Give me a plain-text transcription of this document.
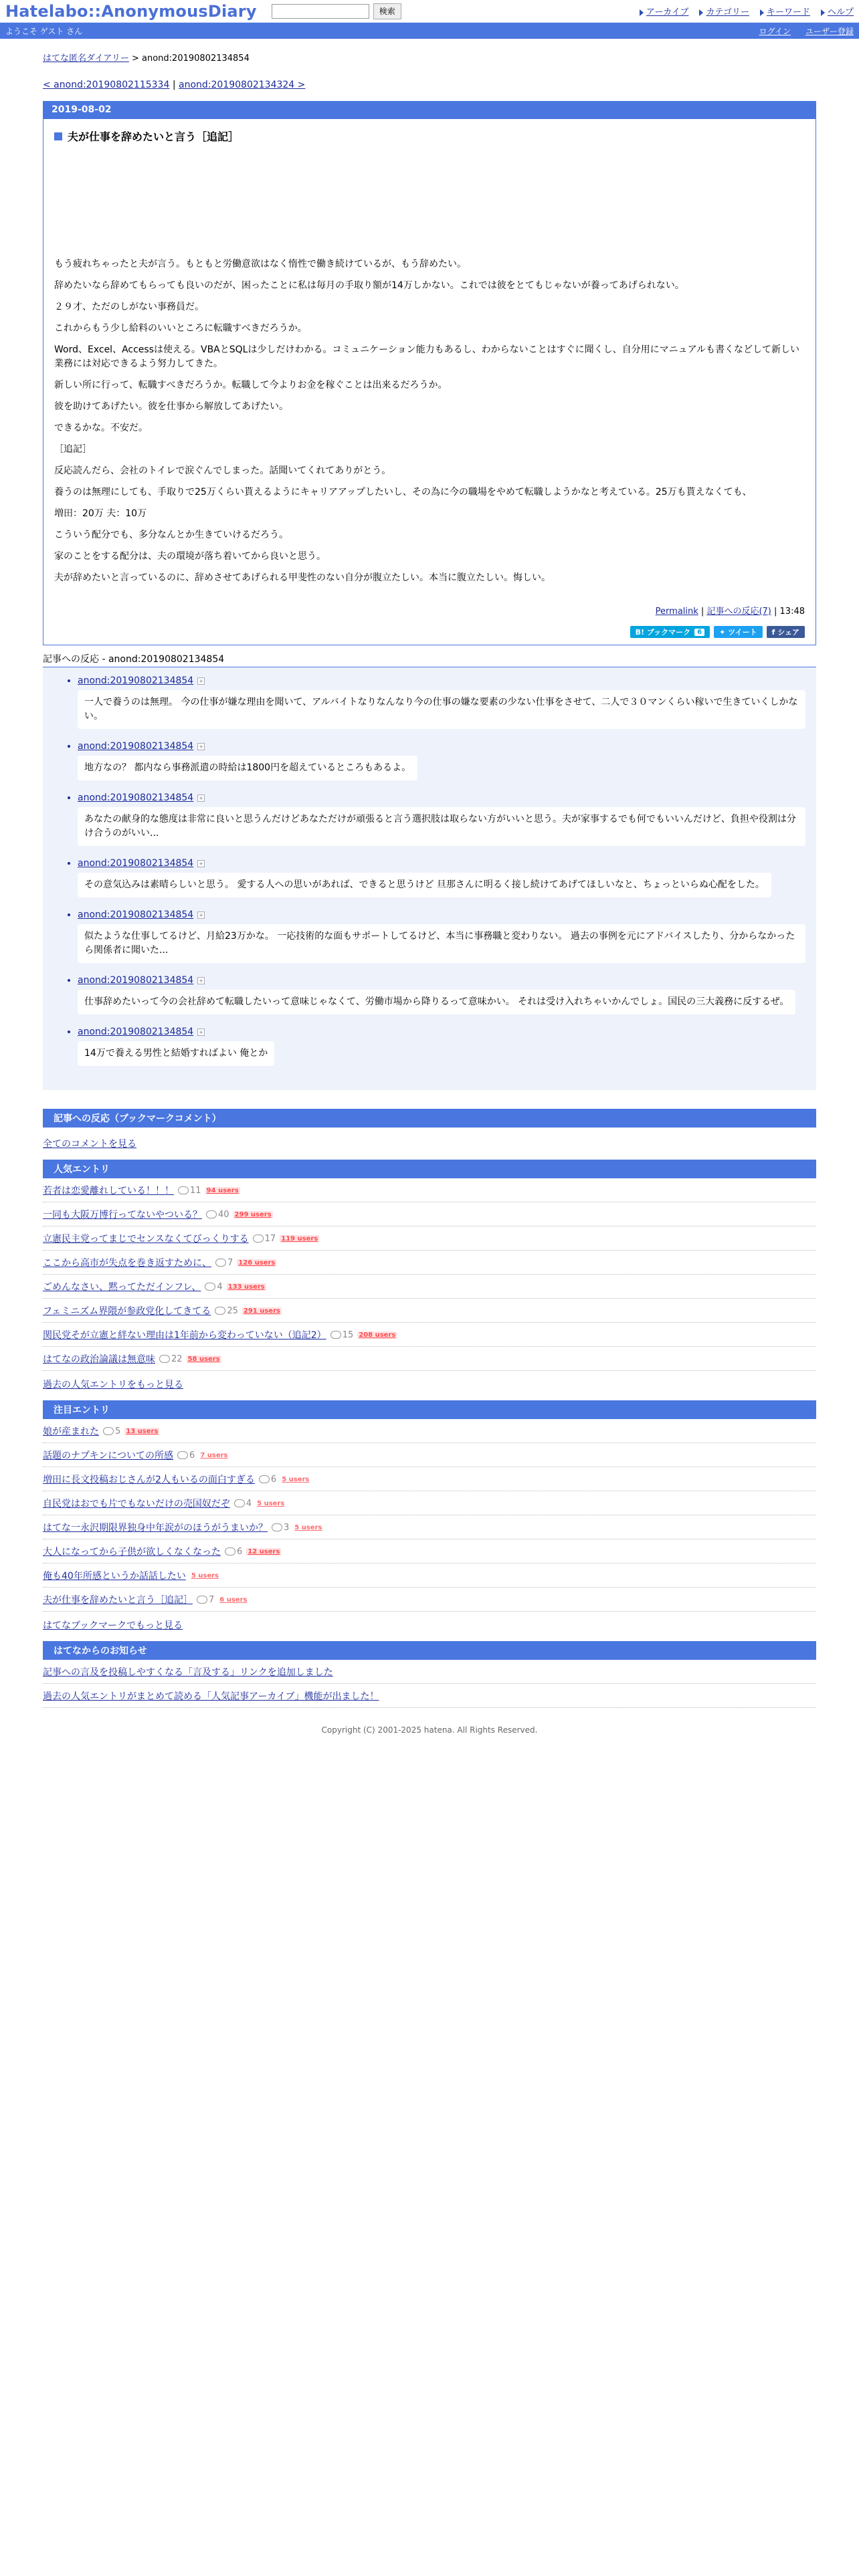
Hatelabo::AnonymousDiary	検索	アーカイブ	カテゴリー	キーワード	ヘルプ
ようこそ ゲスト さん	ログイン ユーザー登録
はてな匿名ダイアリー > anond:20190802134854
< anond:20190802115334 | anond:20190802134324 >
2019-08-02
夫が仕事を辞めたいと言う［追記］

もう疲れちゃったと夫が言う。もともと労働意欲はなく惰性で働き続けているが、もう辞めたい。

辞めたいなら辞めてもらっても良いのだが、困ったことに私は毎月の手取り額が14万しかない。これでは彼をとてもじゃないが養ってあげられない。

２９才、ただのしがない事務員だ。

これからもう少し給料のいいところに転職すべきだろうか。

Word、Excel、Accessは使える。VBAとSQLは少しだけわかる。コミュニケーション能力もあるし、わからないことはすぐに聞くし、自分用にマニュアルも書くなどして新しい業務には対応できるよう努力してきた。

新しい所に行って、転職すべきだろうか。転職して今よりお金を稼ぐことは出来るだろうか。

彼を助けてあげたい。彼を仕事から解放してあげたい。

できるかな。不安だ。

［追記］

反応読んだら、会社のトイレで涙ぐんでしまった。話聞いてくれてありがとう。

養うのは無理にしても、手取りで25万くらい貰えるようにキャリアアップしたいし、その為に今の職場をやめて転職しようかなと考えている。25万も貰えなくても、

増田：20万 夫：10万

こういう配分でも、多分なんとか生きていけるだろう。

家のことをする配分は、夫の環境が落ち着いてから良いと思う。

夫が辞めたいと言っているのに、辞めさせてあげられる甲斐性のない自分が腹立たしい。本当に腹立たしい。悔しい。

Permalink | 記事への反応(7) | 13:48
B! ブックマーク	6	✦ ツイート f シェア
記事への反応 - anond:20190802134854
• anond:20190802134854 +
一人で養うのは無理。 今の仕事が嫌な理由を聞いて、アルバイトなりなんなり今の仕事の嫌な要素の少ない仕事をさせて、二人で３０マンくらい稼いで生きていくしかない。
• anond:20190802134854 +
地方なの？ 都内なら事務派遣の時給は1800円を超えているところもあるよ。
• anond:20190802134854 +
あなたの献身的な態度は非常に良いと思うんだけどあなただけが頑張ると言う選択肢は取らない方がいいと思う。夫が家事するでも何でもいいんだけど、負担や役割は分け合うのがいい...
• anond:20190802134854 +
その意気込みは素晴らしいと思う。 愛する人への思いがあれば、できると思うけど 旦那さんに明るく接し続けてあげてほしいなと、ちょっといらぬ心配をした。
• anond:20190802134854 +
似たような仕事してるけど、月給23万かな。 一応技術的な面もサポートしてるけど、本当に事務職と変わりない。 過去の事例を元にアドバイスしたり、分からなかったら関係者に聞いた...
• anond:20190802134854 +
仕事辞めたいって今の会社辞めて転職したいって意味じゃなくて、労働市場から降りるって意味かい。 それは受け入れちゃいかんでしょ。国民の三大義務に反するぜ。
• anond:20190802134854 +
14万で養える男性と結婚すればよい 俺とか
記事への反応（ブックマークコメント）
全てのコメントを見る
人気エントリ
若者は恋愛離れしている！！！ 11 94 users
一同も大阪万博行ってないやついる？ 40 299 users
立憲民主党ってまじでセンスなくてびっくりする 17 119 users
ここから高市が失点を巻き返すために、 7 126 users
ごめんなさい、黙ってただインフレ、 4 133 users
フェミニズム界隈が参政党化してきてる 25 291 users
関民党そが立憲と絆ない理由は1年前から変わっていない（追記2） 15 208 users
はてなの政治論議は無意味 22 58 users
過去の人気エントリをもっと見る
注目エントリ
娘が産まれた 5 13 users
話題のナプキンについての所感 6 7 users
増田に長文投稿おじさんが2人もいるの面白すぎる 6 5 users
自民党はおでも片でもないだけの売国奴だぞ 4 5 users
はてな一永沢期限界独身中年涙がのほうがうまいか？ 3 5 users
大人になってから子供が欲しくなくなった 6 12 users
俺も40年所感というか話話したい 5 users
夫が仕事を辞めたいと言う［追記］ 7 6 users
はてなブックマークでもっと見る
はてなからのお知らせ
記事への言及を投稿しやすくなる「言及する」リンクを追加しました
過去の人気エントリがまとめて読める「人気記事アーカイブ」機能が出ました！
Copyright (C) 2001-2025 hatena. All Rights Reserved.
